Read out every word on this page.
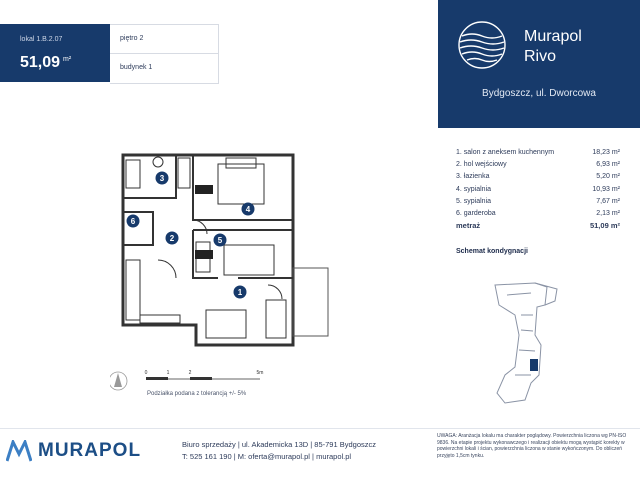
lokal 1.B.2.07
51,09 $^{m^2}$
piętro 2
budynek 1
Murapol
Rivo
Bydgoszcz, ul. Dworcowa
1. salon z aneksem kuchennym	18,23 m²
2. hol wejściowy	6,93 m²
3. łazienka	5,20 m²
4. sypialnia	10,93 m²
5. sypialnia	7,67 m²
6. garderoba	2,13 m²
metraż	51,09 m²
Schemat kondygnacji
1
2
3
4
5
6
0	1	2	5m
Podziałka podana z tolerancją +/- 5%
MURAPOL	Biuro sprzedaży | ul. Akademicka 13D | 85-791 Bydgoszcz
T: 525 161 190 | M: oferta@murapol.pl | murapol.pl
UWAGA: Aranżacja lokalu ma charakter poglądowy. Powierzchnia liczona wg PN-ISO 9836. Na etapie projektu wykonawczego i realizacji obiektu mogą wystąpić korekty w powierzchni lokali i ścian, powierzchnia liczona w stanie wykończonym. Do obliczeń przyjęto 1,5cm tynku.
